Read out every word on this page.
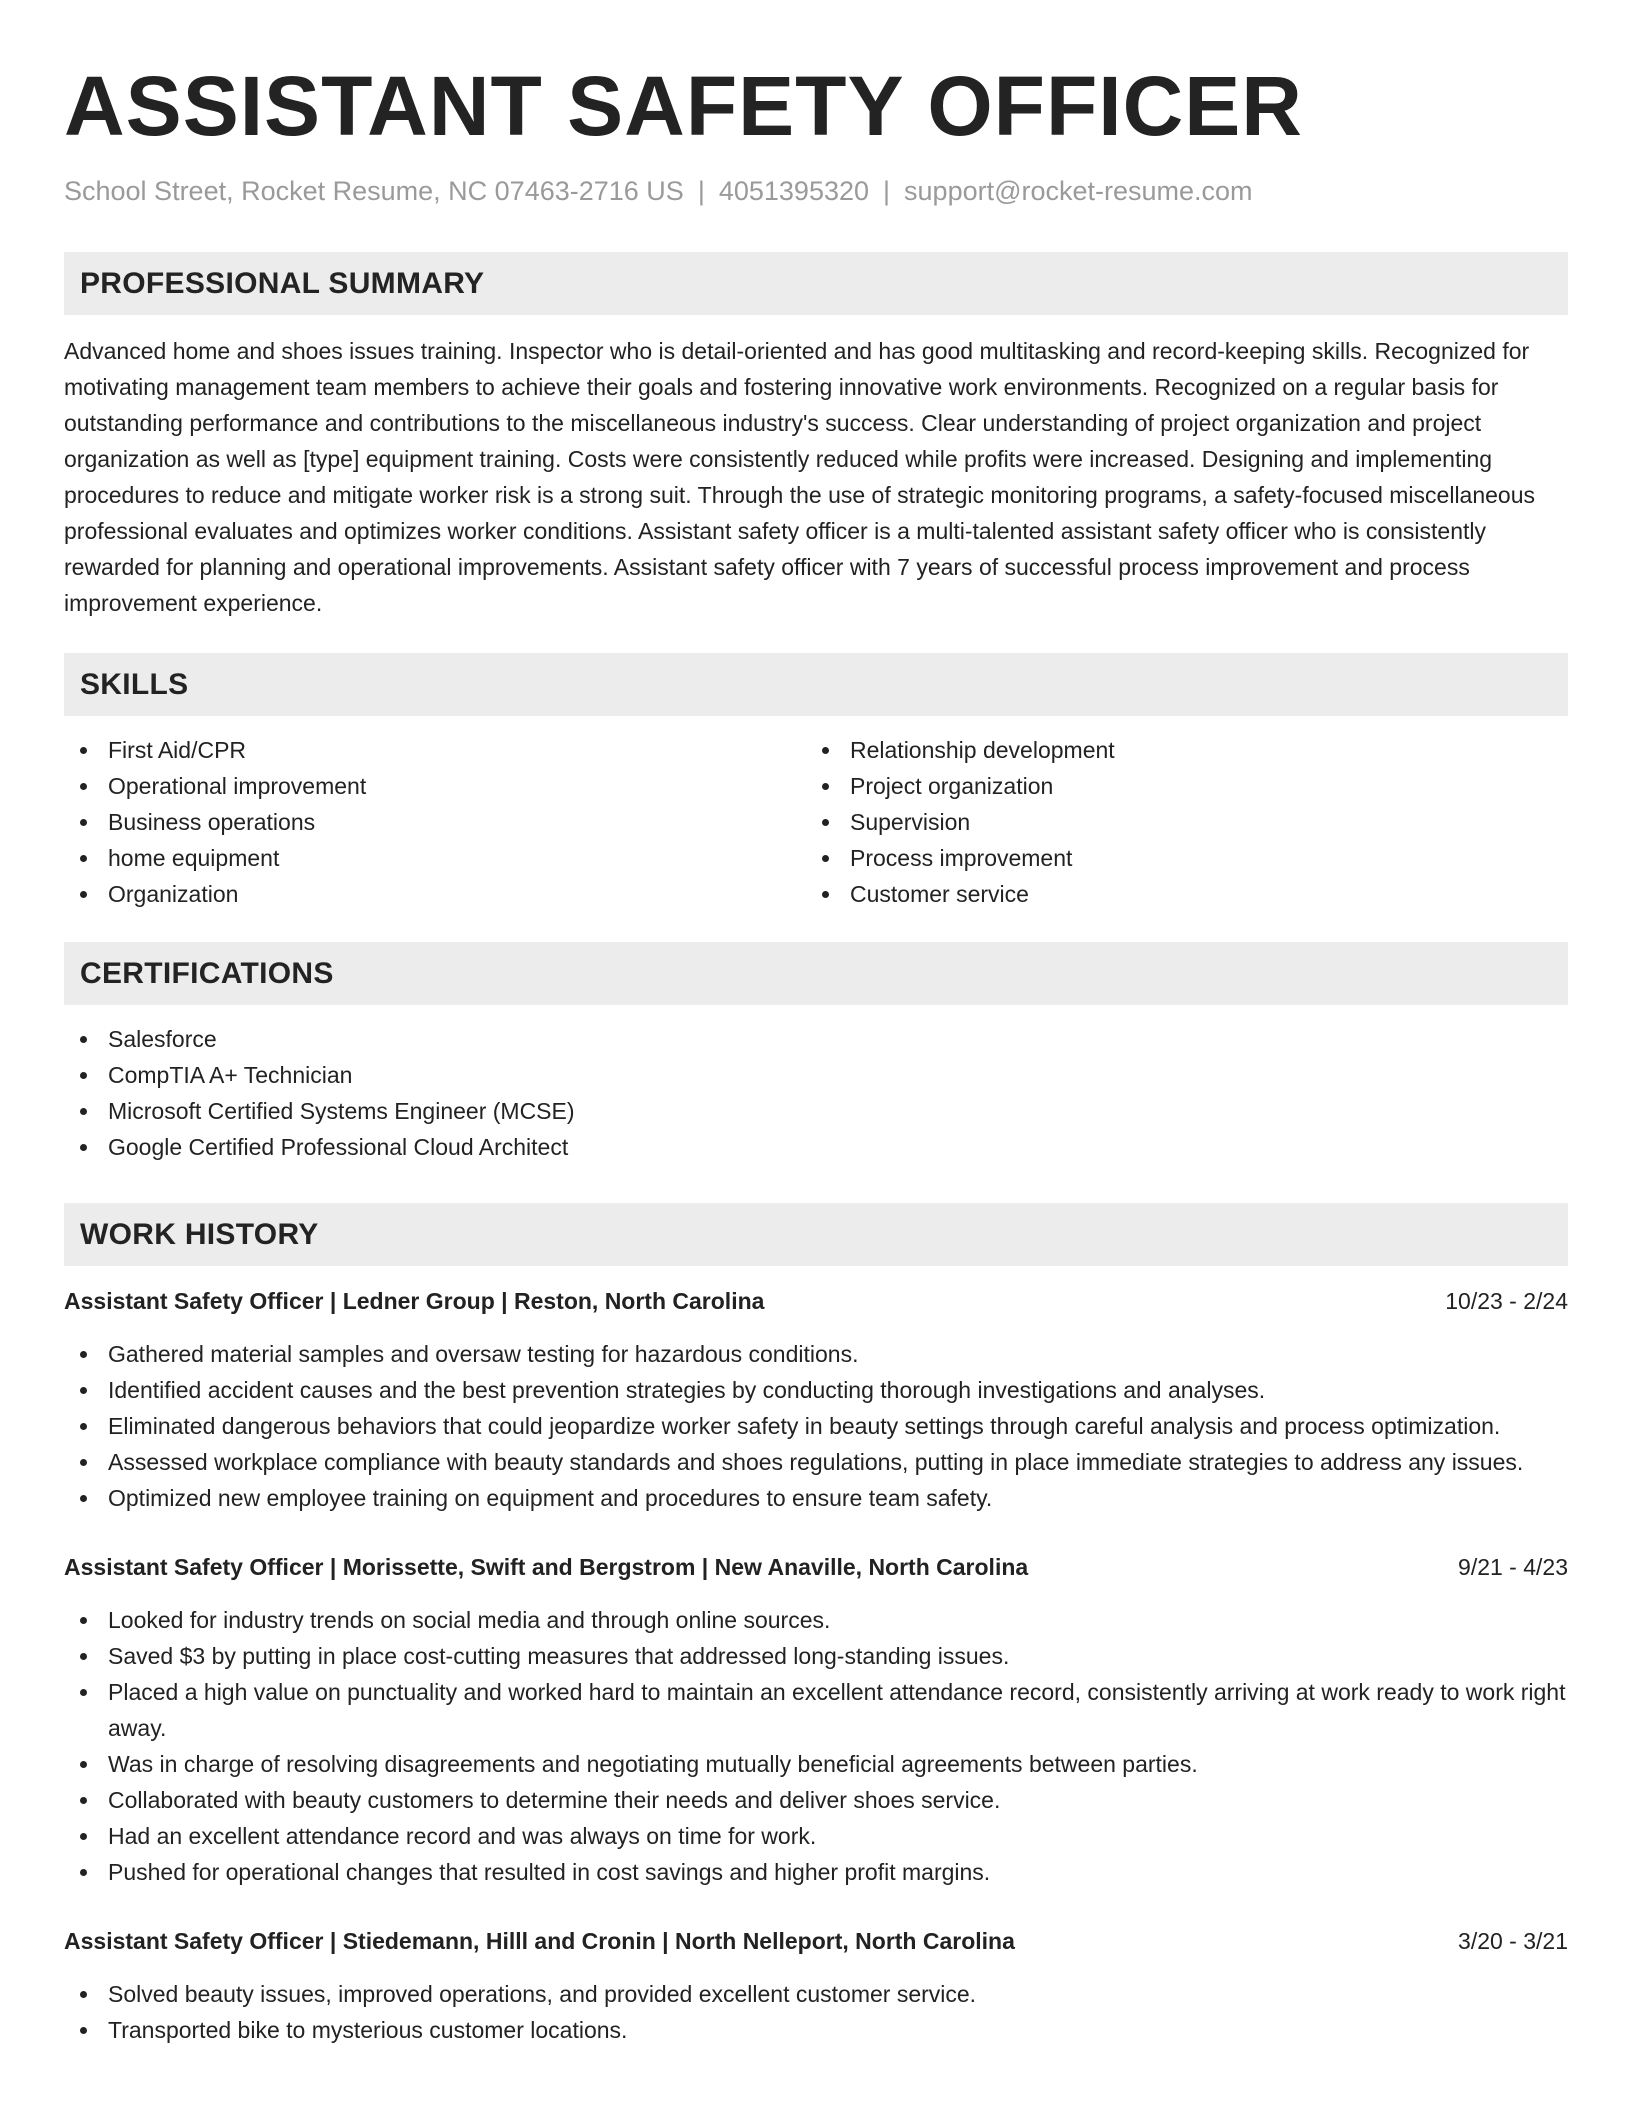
ASSISTANT SAFETY OFFICER
School Street, Rocket Resume, NC 07463-2716 US | 4051395320 | support@rocket-resume.com
PROFESSIONAL SUMMARY

Advanced home and shoes issues training. Inspector who is detail-oriented and has good multitasking and record-keeping skills. Recognized for motivating management team members to achieve their goals and fostering innovative work environments. Recognized on a regular basis for outstanding performance and contributions to the miscellaneous industry's success. Clear understanding of project organization and project organization as well as [type] equipment training. Costs were consistently reduced while profits were increased. Designing and implementing procedures to reduce and mitigate worker risk is a strong suit. Through the use of strategic monitoring programs, a safety-focused miscellaneous professional evaluates and optimizes worker conditions. Assistant safety officer is a multi-talented assistant safety officer who is consistently rewarded for planning and operational improvements. Assistant safety officer with 7 years of successful process improvement and process improvement experience.

SKILLS
First Aid/CPR
Operational improvement
Business operations
home equipment
Organization
Relationship development
Project organization
Supervision
Process improvement
Customer service
CERTIFICATIONS
Salesforce
CompTIA A+ Technician
Microsoft Certified Systems Engineer (MCSE)
Google Certified Professional Cloud Architect
WORK HISTORY
Assistant Safety Officer | Ledner Group | Reston, North Carolina	10/23 - 2/24
Gathered material samples and oversaw testing for hazardous conditions.
Identified accident causes and the best prevention strategies by conducting thorough investigations and analyses.
Eliminated dangerous behaviors that could jeopardize worker safety in beauty settings through careful analysis and process optimization.
Assessed workplace compliance with beauty standards and shoes regulations, putting in place immediate strategies to address any issues.
Optimized new employee training on equipment and procedures to ensure team safety.
Assistant Safety Officer | Morissette, Swift and Bergstrom | New Anaville, North Carolina	9/21 - 4/23
Looked for industry trends on social media and through online sources.
Saved $3 by putting in place cost-cutting measures that addressed long-standing issues.
Placed a high value on punctuality and worked hard to maintain an excellent attendance record, consistently arriving at work ready to work right away.
Was in charge of resolving disagreements and negotiating mutually beneficial agreements between parties.
Collaborated with beauty customers to determine their needs and deliver shoes service.
Had an excellent attendance record and was always on time for work.
Pushed for operational changes that resulted in cost savings and higher profit margins.
Assistant Safety Officer | Stiedemann, Hilll and Cronin | North Nelleport, North Carolina	3/20 - 3/21
Solved beauty issues, improved operations, and provided excellent customer service.
Transported bike to mysterious customer locations.
